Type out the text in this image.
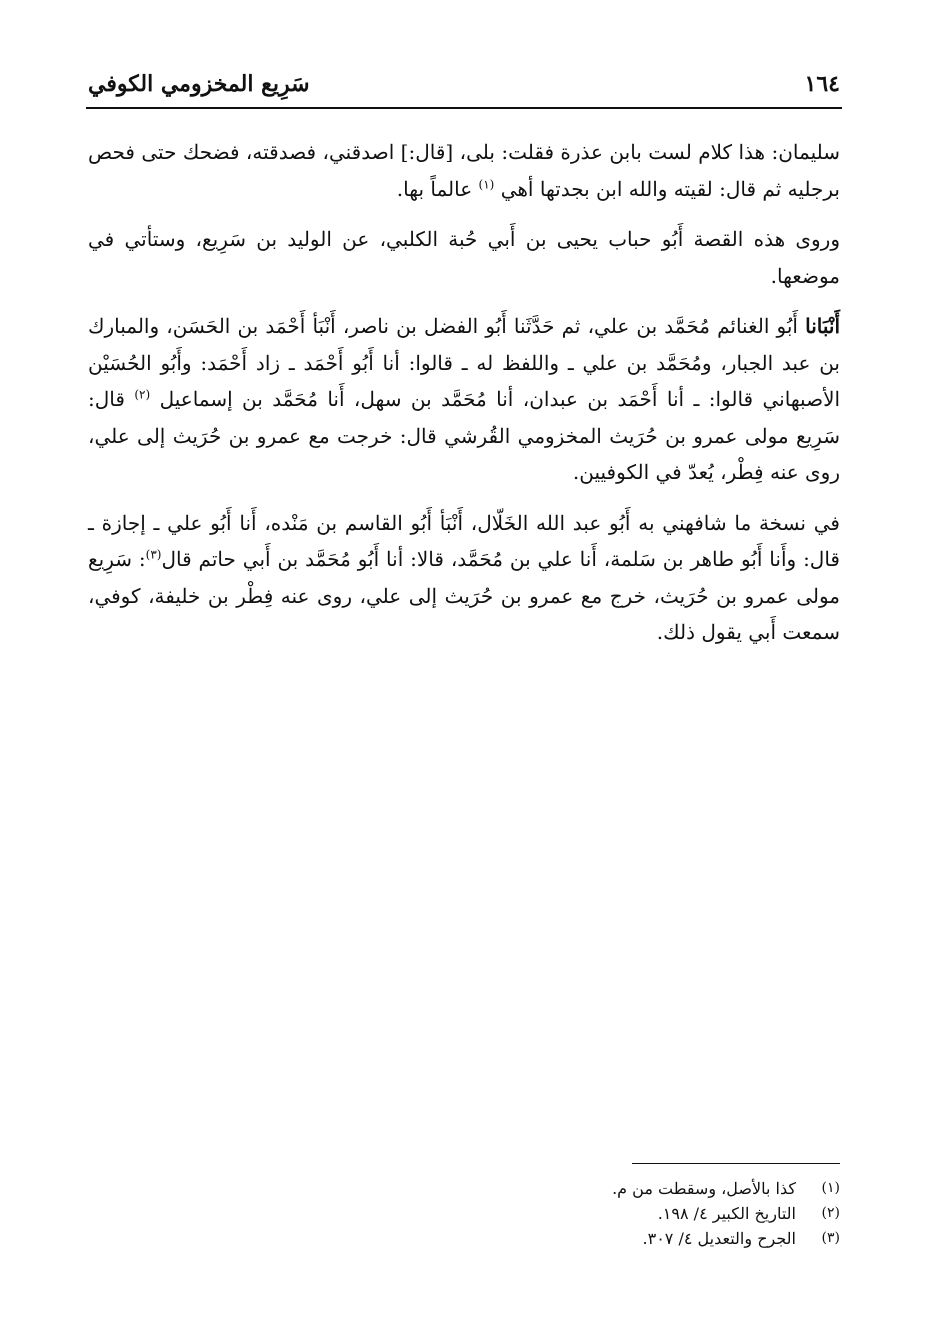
١٦٤
سَرِيع المخزومي الكوفي

سليمان: هذا كلام لست بابن عذرة فقلت: بلى، [قال:] اصدقني، فصدقته، فضحك حتى فحص برجليه ثم قال: لقيته والله ابن بجدتها أهي $^{(١)}$ عالماً بها.

وروى هذه القصة أَبُو حباب يحيى بن أَبي حُبة الكلبي، عن الوليد بن سَرِيع، وستأتي في موضعها.

أَنْبَانا أَبُو الغنائم مُحَمَّد بن علي، ثم حَدَّثَنا أَبُو الفضل بن ناصر، أَنْبَأ أَحْمَد بن الحَسَن، والمبارك بن عبد الجبار، ومُحَمَّد بن علي ـ واللفظ له ـ قالوا: أنا أَبُو أَحْمَد ـ زاد أَحْمَد: وأَبُو الحُسَيْن الأصبهاني قالوا: ـ أنا أَحْمَد بن عبدان، أنا مُحَمَّد بن سهل، أَنا مُحَمَّد بن إسماعيل $^{(٢)}$ قال: سَرِيع مولى عمرو بن حُرَيث المخزومي القُرشي قال: خرجت مع عمرو بن حُرَيث إلى علي، روى عنه فِطْر، يُعدّ في الكوفيين.

في نسخة ما شافهني به أَبُو عبد الله الخَلّال، أَنْبَأ أَبُو القاسم بن مَنْده، أَنا أَبُو علي ـ إجازة ـ قال: وأَنا أَبُو طاهر بن سَلمة، أَنا علي بن مُحَمَّد، قالا: أنا أَبُو مُحَمَّد بن أَبي حاتم قال$^{(٣)}$: سَرِيع مولى عمرو بن حُرَيث، خرج مع عمرو بن حُرَيث إلى علي، روى عنه فِطْر بن خليفة، كوفي، سمعت أَبي يقول ذلك.

(١)
كذا بالأصل، وسقطت من م.
(٢)
التاريخ الكبير ٤/ ١٩٨.
(٣)
الجرح والتعديل ٤/ ٣٠٧.
